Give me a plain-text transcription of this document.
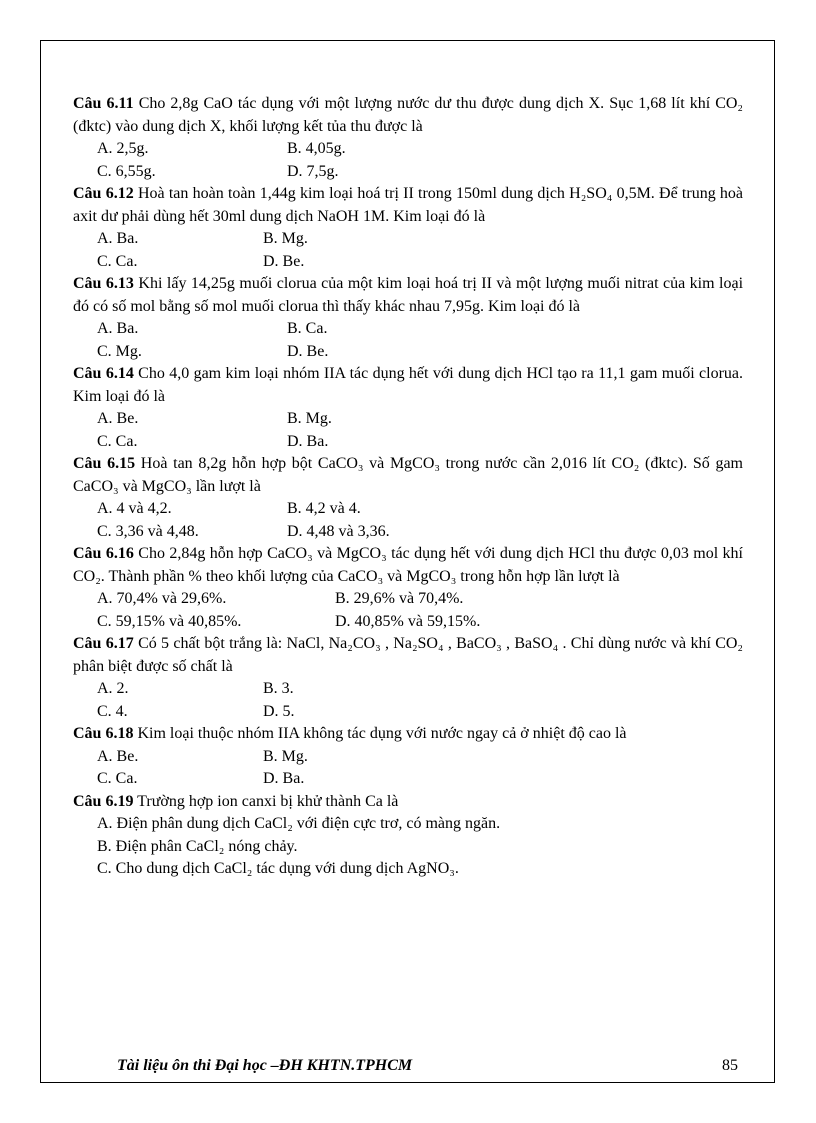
Câu 6.11 Cho 2,8g CaO tác dụng với một lượng nước dư thu được dung dịch X. Sục 1,68 lít khí CO₂ (đktc) vào dung dịch X, khối lượng kết tủa thu được là
A. 2,5g.	B. 4,05g.
C. 6,55g.	D. 7,5g.
Câu 6.12 Hoà tan hoàn toàn 1,44g kim loại hoá trị II trong 150ml dung dịch H₂SO₄ 0,5M. Để trung hoà axit dư phải dùng hết 30ml dung dịch NaOH 1M. Kim loại đó là
A. Ba.	B. Mg.
C. Ca.	D. Be.
Câu 6.13 Khi lấy 14,25g muối clorua của một kim loại hoá trị II và một lượng muối nitrat của kim loại đó có số mol bằng số mol muối clorua thì thấy khác nhau 7,95g. Kim loại đó là
A. Ba.	B. Ca.
C. Mg.	D. Be.
Câu 6.14 Cho 4,0 gam kim loại nhóm IIA tác dụng hết với dung dịch HCl tạo ra 11,1 gam muối clorua. Kim loại đó là
A. Be.	B. Mg.
C. Ca.	D. Ba.
Câu 6.15 Hoà tan 8,2g hỗn hợp bột CaCO₃ và MgCO₃ trong nước cần 2,016 lít CO₂ (đktc). Số gam CaCO₃ và MgCO₃ lần lượt là
A. 4 và 4,2.	B. 4,2 và 4.
C. 3,36 và 4,48.	D. 4,48 và 3,36.
Câu 6.16 Cho 2,84g hỗn hợp CaCO₃ và MgCO₃ tác dụng hết với dung dịch HCl thu được 0,03 mol khí CO₂. Thành phần % theo khối lượng của CaCO₃ và MgCO₃ trong hỗn hợp lần lượt là
A. 70,4% và 29,6%.	B. 29,6% và 70,4%.
C. 59,15% và 40,85%.	D. 40,85% và 59,15%.
Câu 6.17 Có 5 chất bột trắng là: NaCl, Na₂CO₃ , Na₂SO₄ , BaCO₃ , BaSO₄ . Chỉ dùng nước và khí CO₂ phân biệt được số chất là
A. 2.	B. 3.
C. 4.	D. 5.
Câu 6.18 Kim loại thuộc nhóm IIA không tác dụng với nước ngay cả ở nhiệt độ cao là
A. Be.	B. Mg.
C. Ca.	D. Ba.
Câu 6.19 Trường hợp ion canxi bị khử thành Ca là
A. Điện phân dung dịch CaCl₂ với điện cực trơ, có màng ngăn.
B. Điện phân CaCl₂ nóng chảy.
C. Cho dung dịch CaCl₂ tác dụng với dung dịch AgNO₃.
Tài liệu ôn thi Đại học –ĐH KHTN.TPHCM	85
